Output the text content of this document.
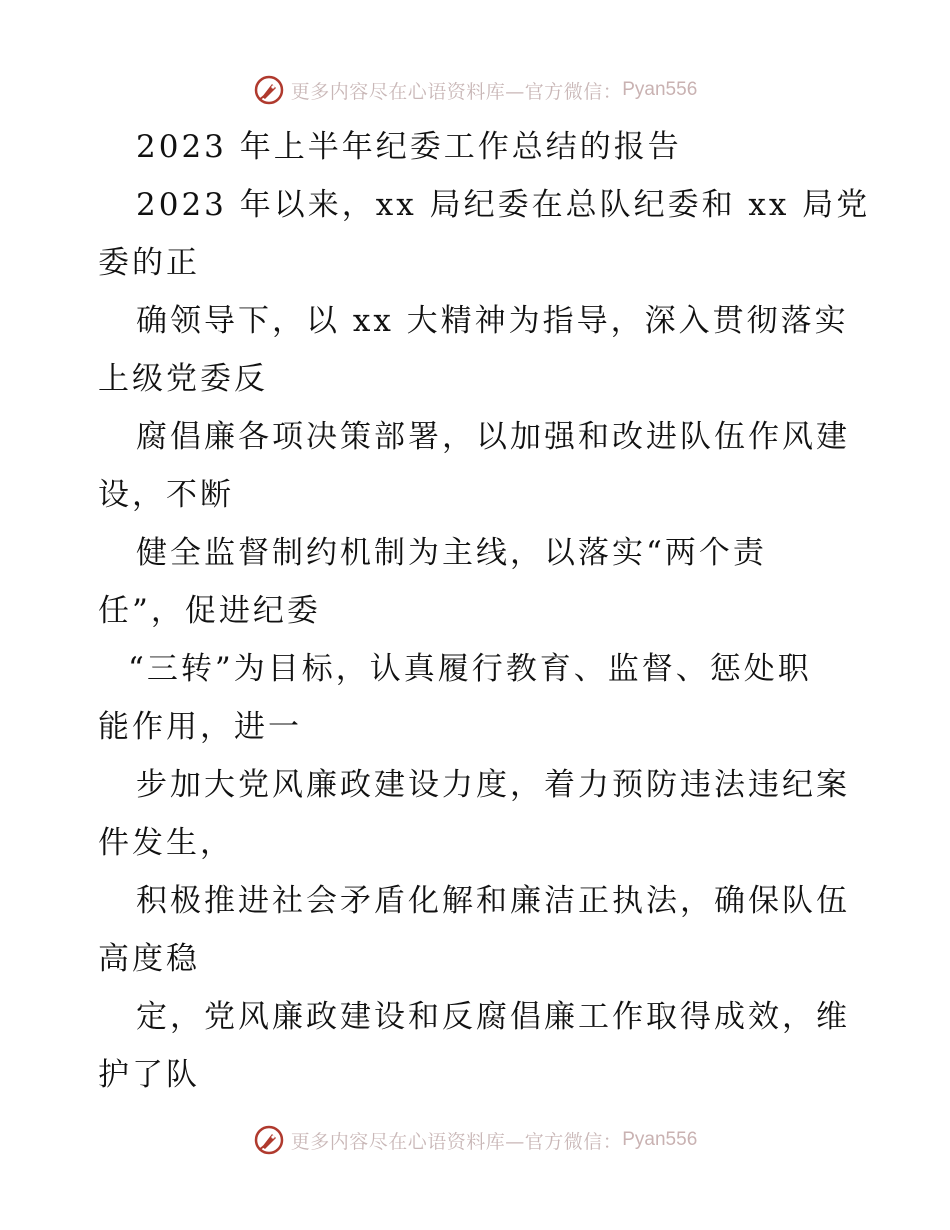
更多内容尽在心语资料库—官方微信： Pyan556
2023 年上半年纪委工作总结的报告
2023 年以来，xx 局纪委在总队纪委和 xx 局党
委的正
确领导下，以 xx 大精神为指导，深入贯彻落实
上级党委反
腐倡廉各项决策部署，以加强和改进队伍作风建
设，不断
健全监督制约机制为主线，以落实“两个责
任”，促进纪委
“三转”为目标，认真履行教育、监督、惩处职
能作用，进一
步加大党风廉政建设力度，着力预防违法违纪案
件发生，
积极推进社会矛盾化解和廉洁正执法，确保队伍
高度稳
定，党风廉政建设和反腐倡廉工作取得成效，维
护了队
更多内容尽在心语资料库—官方微信： Pyan556
